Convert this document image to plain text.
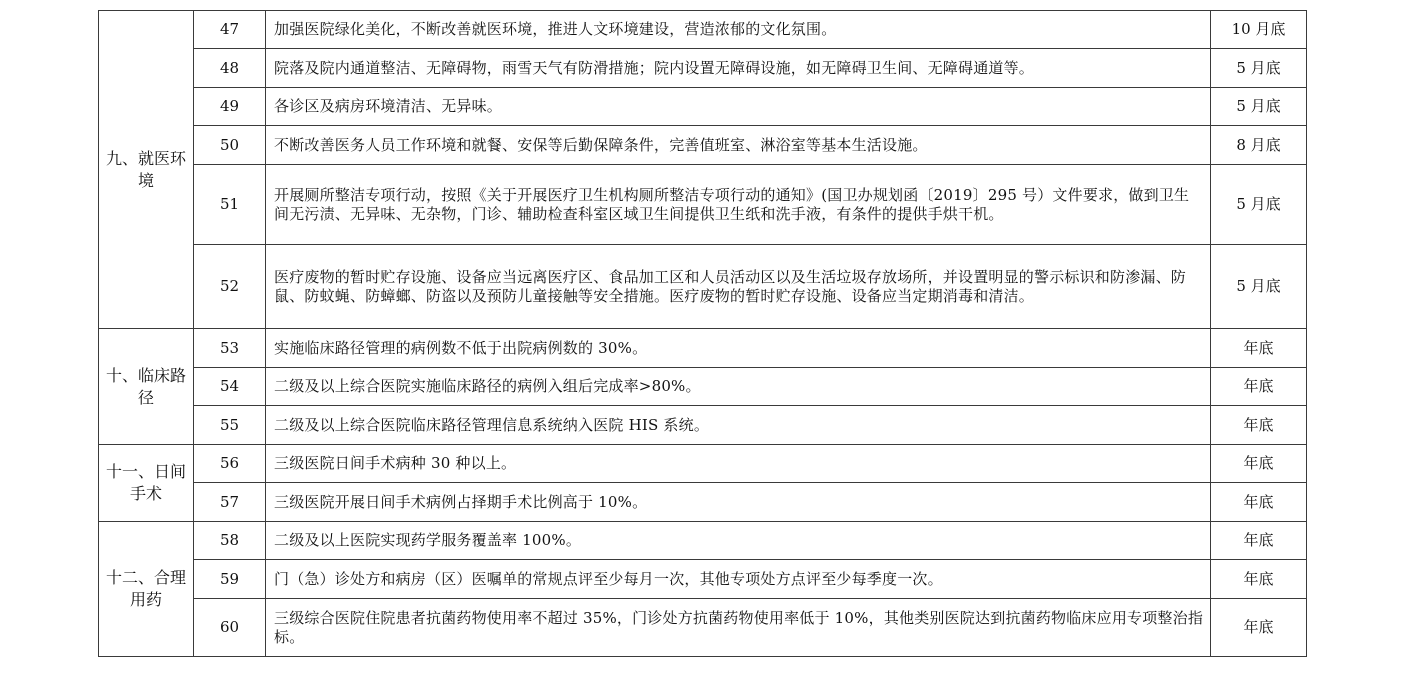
九、就医环境	47	加强医院绿化美化，不断改善就医环境，推进人文环境建设，营造浓郁的文化氛围。	10 月底
	48	院落及院内通道整洁、无障碍物，雨雪天气有防滑措施；院内设置无障碍设施，如无障碍卫生间、无障碍通道等。	5 月底
	49	各诊区及病房环境清洁、无异味。	5 月底
	50	不断改善医务人员工作环境和就餐、安保等后勤保障条件，完善值班室、淋浴室等基本生活设施。	8 月底
	51	开展厕所整洁专项行动，按照《关于开展医疗卫生机构厕所整洁专项行动的通知》(国卫办规划函〔2019〕295 号）文件要求，做到卫生间无污渍、无异味、无杂物，门诊、辅助检查科室区域卫生间提供卫生纸和洗手液，有条件的提供手烘干机。	5 月底
	52	医疗废物的暂时贮存设施、设备应当远离医疗区、食品加工区和人员活动区以及生活垃圾存放场所，并设置明显的警示标识和防渗漏、防鼠、防蚊蝇、防蟑螂、防盗以及预防儿童接触等安全措施。医疗废物的暂时贮存设施、设备应当定期消毒和清洁。	5 月底
十、临床路径	53	实施临床路径管理的病例数不低于出院病例数的 30%。	年底
	54	二级及以上综合医院实施临床路径的病例入组后完成率>80%。	年底
	55	二级及以上综合医院临床路径管理信息系统纳入医院 HIS 系统。	年底
十一、日间手术	56	三级医院日间手术病种 30 种以上。	年底
	57	三级医院开展日间手术病例占择期手术比例高于 10%。	年底
十二、合理用药	58	二级及以上医院实现药学服务覆盖率 100%。	年底
	59	门（急）诊处方和病房（区）医嘱单的常规点评至少每月一次，其他专项处方点评至少每季度一次。	年底
	60	三级综合医院住院患者抗菌药物使用率不超过 35%，门诊处方抗菌药物使用率低于 10%，其他类别医院达到抗菌药物临床应用专项整治指标。	年底
